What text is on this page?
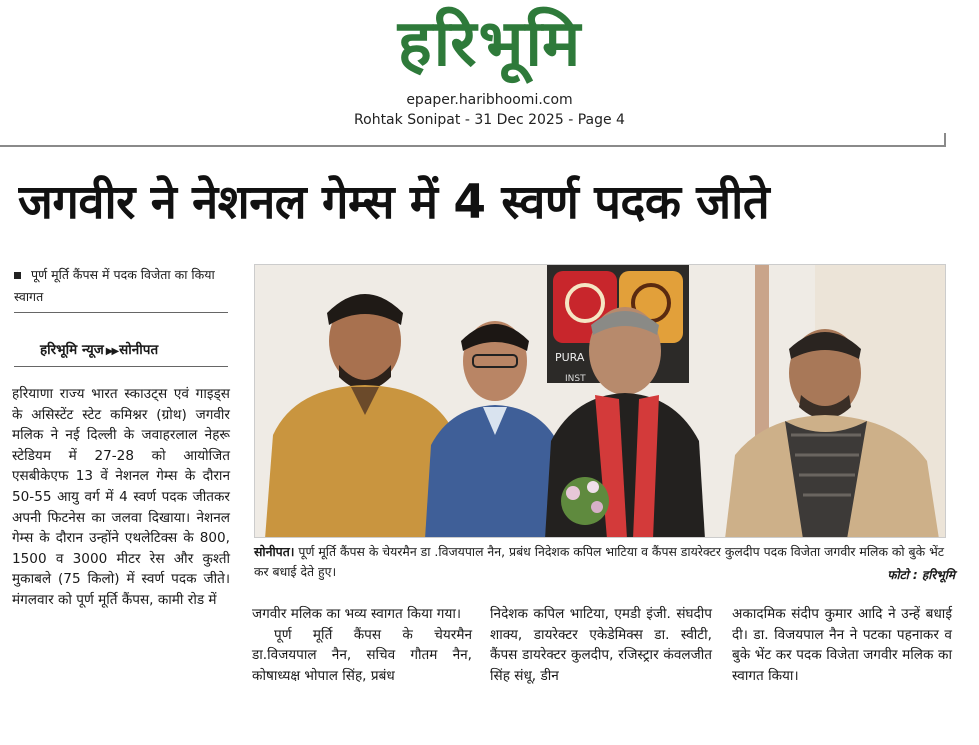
हरिभूमि
epaper.haribhoomi.com
Rohtak Sonipat - 31 Dec 2025 - Page 4
जगवीर ने नेशनल गेम्स में 4 स्वर्ण पदक जीते
पूर्ण मूर्ति कैंपस में पदक विजेता का किया स्वागत
हरिभूमि न्यूज ▶▶ सोनीपत

हरियाणा राज्य भारत स्काउट्स एवं गाइड्स के असिस्टेंट स्टेट कमिश्नर (ग्रोथ) जगवीर मलिक ने नई दिल्ली के जवाहरलाल नेहरू स्टेडियम में 27-28 को आयोजित एसबीकेएफ 13 वें नेशनल गेम्स के दौरान 50-55 आयु वर्ग में 4 स्वर्ण पदक जीतकर अपनी फिटनेस का जलवा दिखाया। नेशनल गेम्स के दौरान उन्होंने एथलेटिक्स के 800, 1500 व 3000 मीटर रेस और कुश्ती मुकाबले (75 किलो) में स्वर्ण पदक जीते। मंगलवार को पूर्ण मूर्ति कैंपस, कामी रोड में

PURA
INST
सोनीपत। पूर्ण मूर्ति कैंपस के चेयरमैन डा .विजयपाल नैन, प्रबंध निदेशक कपिल भाटिया व कैंपस डायरेक्टर कुलदीप पदक विजेता जगवीर मलिक को बुके भेंट कर बधाई देते हुए।	फोटो : हरिभूमि

जगवीर मलिक का भव्य स्वागत किया गया।

पूर्ण मूर्ति कैंपस के चेयरमैन डा.विजयपाल नैन, सचिव गौतम नैन, कोषाध्यक्ष भोपाल सिंह, प्रबंध

निदेशक कपिल भाटिया, एमडी इंजी. संघदीप शाक्य, डायरेक्टर एकेडेमिक्स डा. स्वीटी, कैंपस डायरेक्टर कुलदीप, रजिस्ट्रार कंवलजीत सिंह संधू, डीन

अकादमिक संदीप कुमार आदि ने उन्हें बधाई दी। डा. विजयपाल नैन ने पटका पहनाकर व बुके भेंट कर पदक विजेता जगवीर मलिक का स्वागत किया।
